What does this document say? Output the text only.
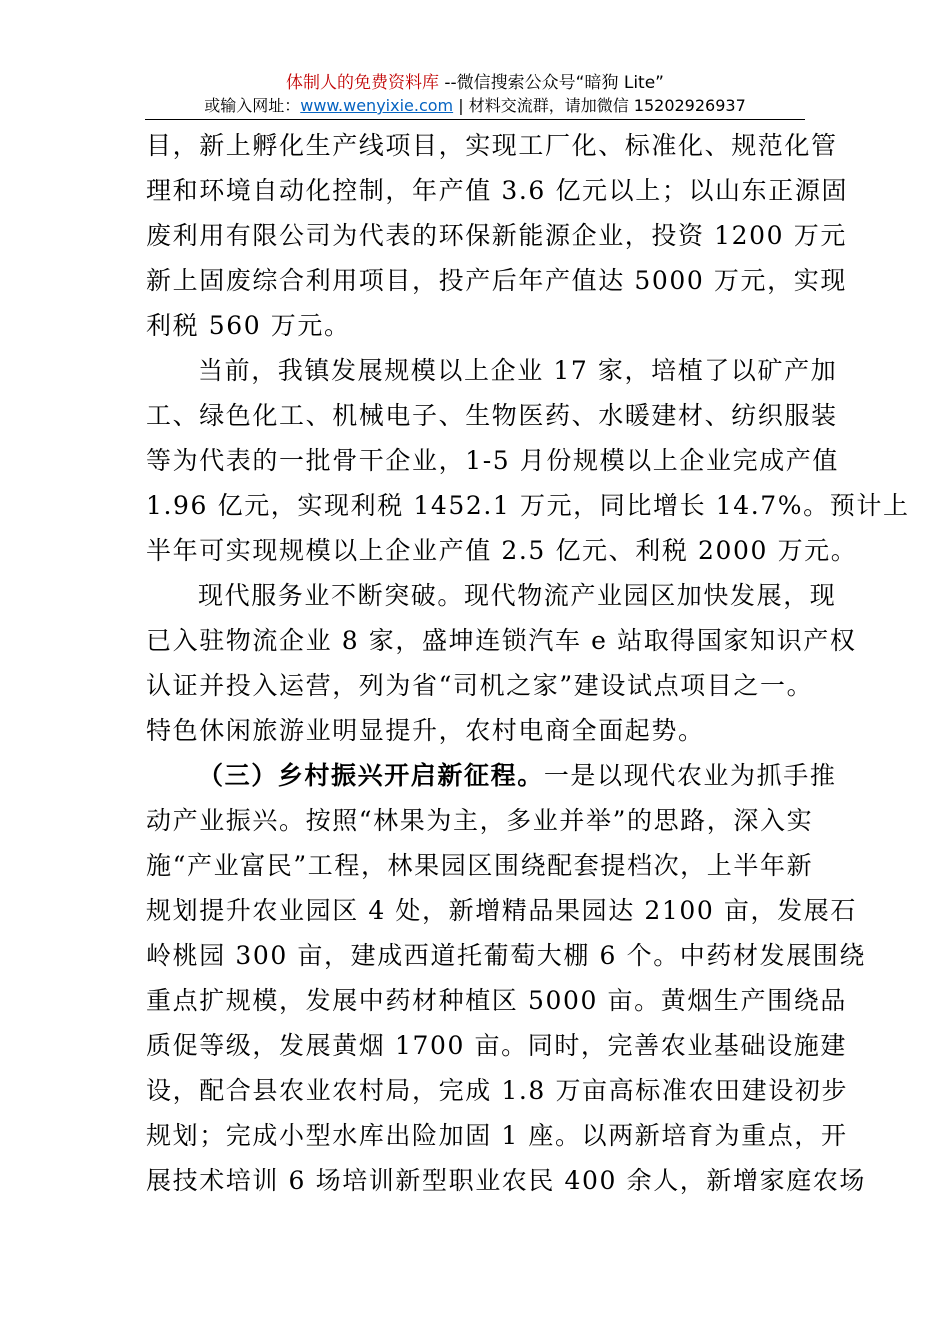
体制人的免费资料库 --微信搜索公众号“暗狗 Lite”
或输入网址：www.wenyixie.com | 材料交流群，请加微信 15202926937
目，新上孵化生产线项目，实现工厂化、标准化、规范化管
理和环境自动化控制，年产值 3.6 亿元以上；以山东正源固
废利用有限公司为代表的环保新能源企业，投资 1200 万元
新上固废综合利用项目，投产后年产值达 5000 万元，实现
利税 560 万元。
当前，我镇发展规模以上企业 17 家，培植了以矿产加
工、绿色化工、机械电子、生物医药、水暖建材、纺织服装
等为代表的一批骨干企业，1-5 月份规模以上企业完成产值
1.96 亿元，实现利税 1452.1 万元，同比增长 14.7%。预计上
半年可实现规模以上企业产值 2.5 亿元、利税 2000 万元。
现代服务业不断突破。现代物流产业园区加快发展，现
已入驻物流企业 8 家，盛坤连锁汽车 e 站取得国家知识产权
认证并投入运营，列为省“司机之家”建设试点项目之一。
特色休闲旅游业明显提升，农村电商全面起势。
（三）乡村振兴开启新征程。一是以现代农业为抓手推
动产业振兴。按照“林果为主，多业并举”的思路，深入实
施“产业富民”工程，林果园区围绕配套提档次，上半年新
规划提升农业园区 4 处，新增精品果园达 2100 亩，发展石
岭桃园 300 亩，建成西道托葡萄大棚 6 个。中药材发展围绕
重点扩规模，发展中药材种植区 5000 亩。黄烟生产围绕品
质促等级，发展黄烟 1700 亩。同时，完善农业基础设施建
设，配合县农业农村局，完成 1.8 万亩高标准农田建设初步
规划；完成小型水库出险加固 1 座。以两新培育为重点，开
展技术培训 6 场培训新型职业农民 400 余人，新增家庭农场
